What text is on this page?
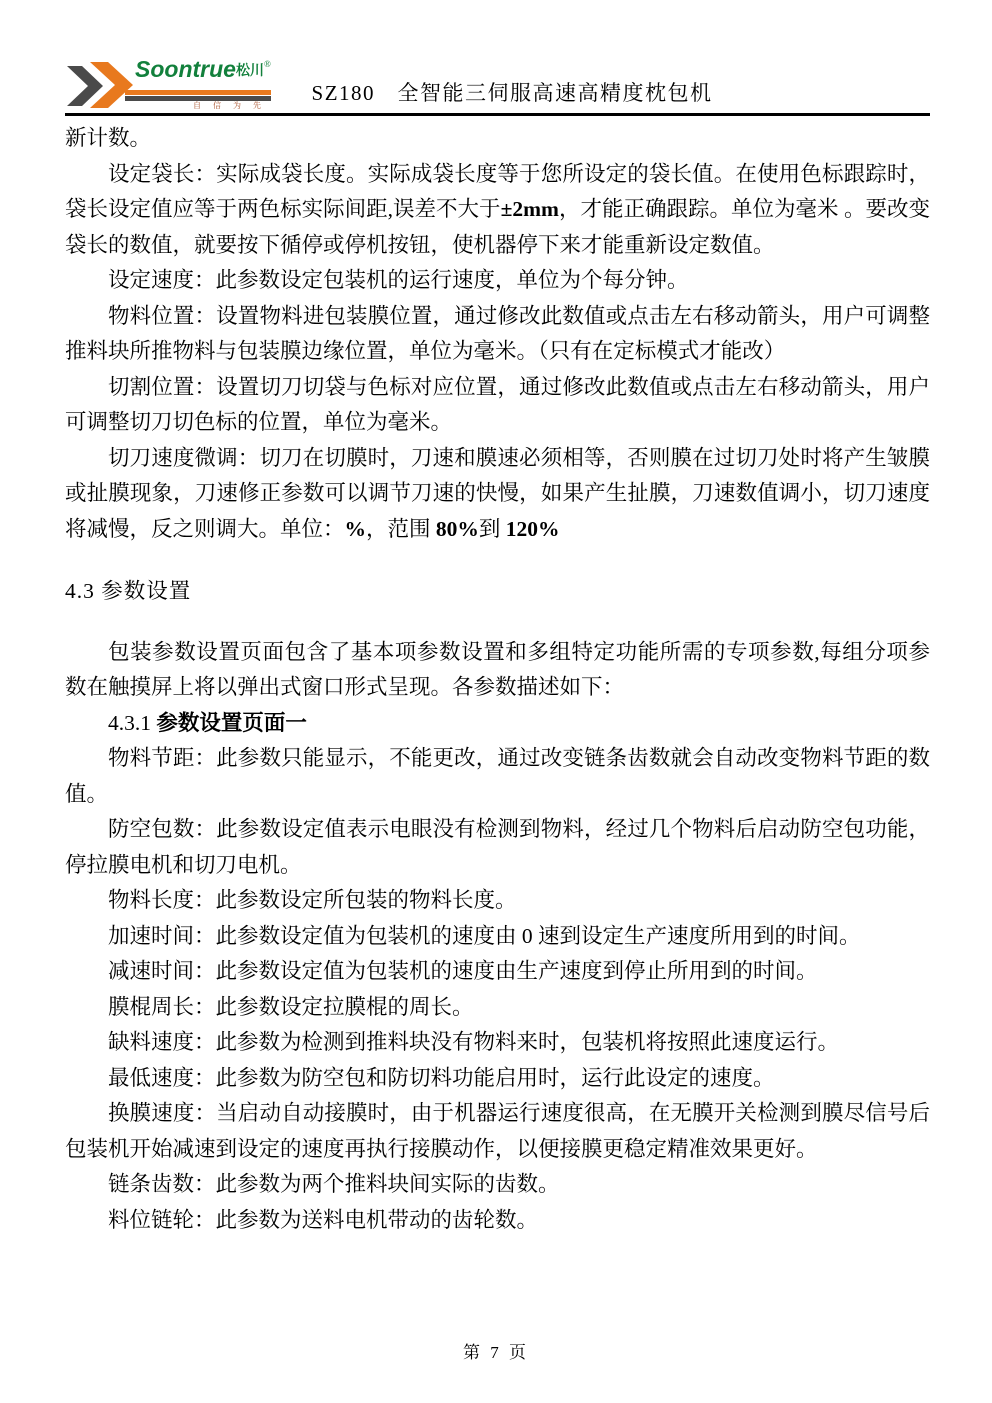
Soontrue松川®
自 信 为 先
SZ180　全智能三伺服高速高精度枕包机

新计数。

设定袋长：实际成袋长度。实际成袋长度等于您所设定的袋长值。在使用色标跟踪时，袋长设定值应等于两色标实际间距,误差不大于±2mm，才能正确跟踪。单位为毫米 。要改变袋长的数值，就要按下循停或停机按钮，使机器停下来才能重新设定数值。

设定速度：此参数设定包装机的运行速度，单位为个每分钟。

物料位置：设置物料进包装膜位置，通过修改此数值或点击左右移动箭头，用户可调整推料块所推物料与包装膜边缘位置，单位为毫米。（只有在定标模式才能改）

切割位置：设置切刀切袋与色标对应位置，通过修改此数值或点击左右移动箭头，用户可调整切刀切色标的位置，单位为毫米。

切刀速度微调：切刀在切膜时，刀速和膜速必须相等，否则膜在过切刀处时将产生皱膜或扯膜现象，刀速修正参数可以调节刀速的快慢，如果产生扯膜，刀速数值调小，切刀速度将减慢，反之则调大。单位：%，范围 80%到 120%

4.3 参数设置

包装参数设置页面包含了基本项参数设置和多组特定功能所需的专项参数,每组分项参数在触摸屏上将以弹出式窗口形式呈现。各参数描述如下：

4.3.1 参数设置页面一

物料节距：此参数只能显示，不能更改，通过改变链条齿数就会自动改变物料节距的数值。

防空包数：此参数设定值表示电眼没有检测到物料，经过几个物料后启动防空包功能，停拉膜电机和切刀电机。

物料长度：此参数设定所包装的物料长度。

加速时间：此参数设定值为包装机的速度由 0 速到设定生产速度所用到的时间。

减速时间：此参数设定值为包装机的速度由生产速度到停止所用到的时间。

膜棍周长：此参数设定拉膜棍的周长。

缺料速度：此参数为检测到推料块没有物料来时，包装机将按照此速度运行。

最低速度：此参数为防空包和防切料功能启用时，运行此设定的速度。

换膜速度：当启动自动接膜时，由于机器运行速度很高，在无膜开关检测到膜尽信号后包装机开始减速到设定的速度再执行接膜动作，以便接膜更稳定精准效果更好。

链条齿数：此参数为两个推料块间实际的齿数。

料位链轮：此参数为送料电机带动的齿轮数。

第 7 页
